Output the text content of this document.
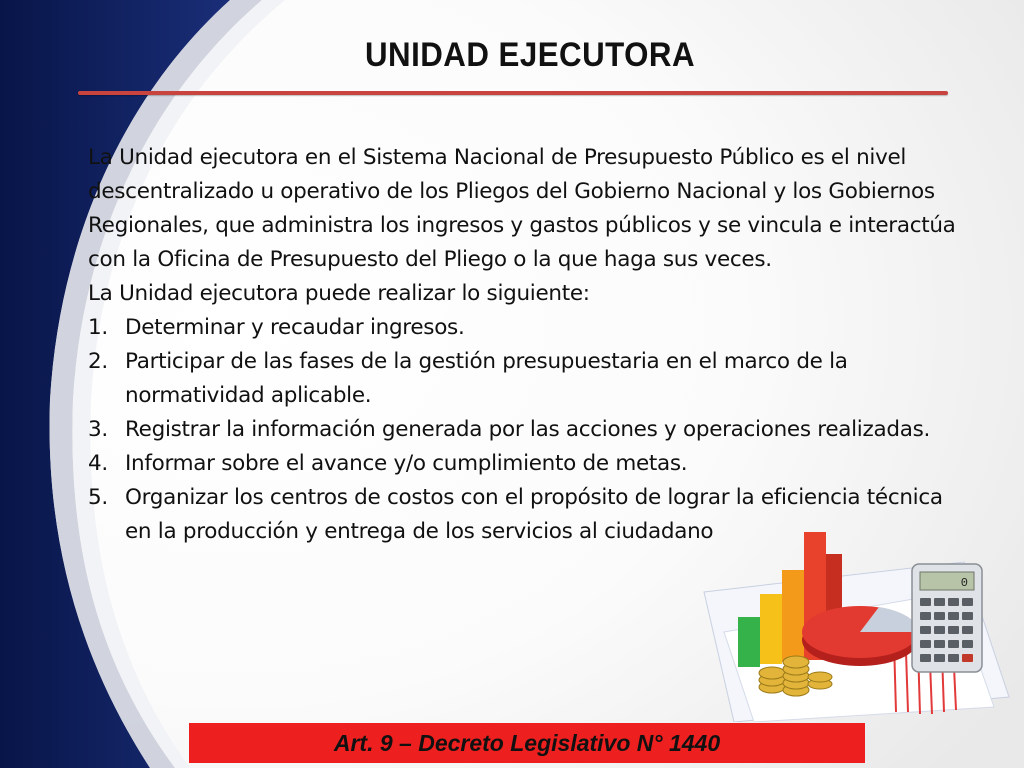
UNIDAD EJECUTORA
0

La Unidad ejecutora en el Sistema Nacional de Presupuesto Público es el nivel descentralizado u operativo de los Pliegos del Gobierno Nacional y los Gobiernos Regionales, que administra los ingresos y gastos públicos y se vincula e interactúa con la Oficina de Presupuesto del Pliego o la que haga sus veces.

La Unidad ejecutora puede realizar lo siguiente:

1. Determinar y recaudar ingresos.
2. Participar de las fases de la gestión presupuestaria en el marco de la normatividad aplicable.
3. Registrar la información generada por las acciones y operaciones realizadas.
4. Informar sobre el avance y/o cumplimiento de metas.
5. Organizar los centros de costos con el propósito de lograr la eficiencia técnica en la producción y entrega de los servicios al ciudadano
Art. 9 – Decreto Legislativo N° 1440
